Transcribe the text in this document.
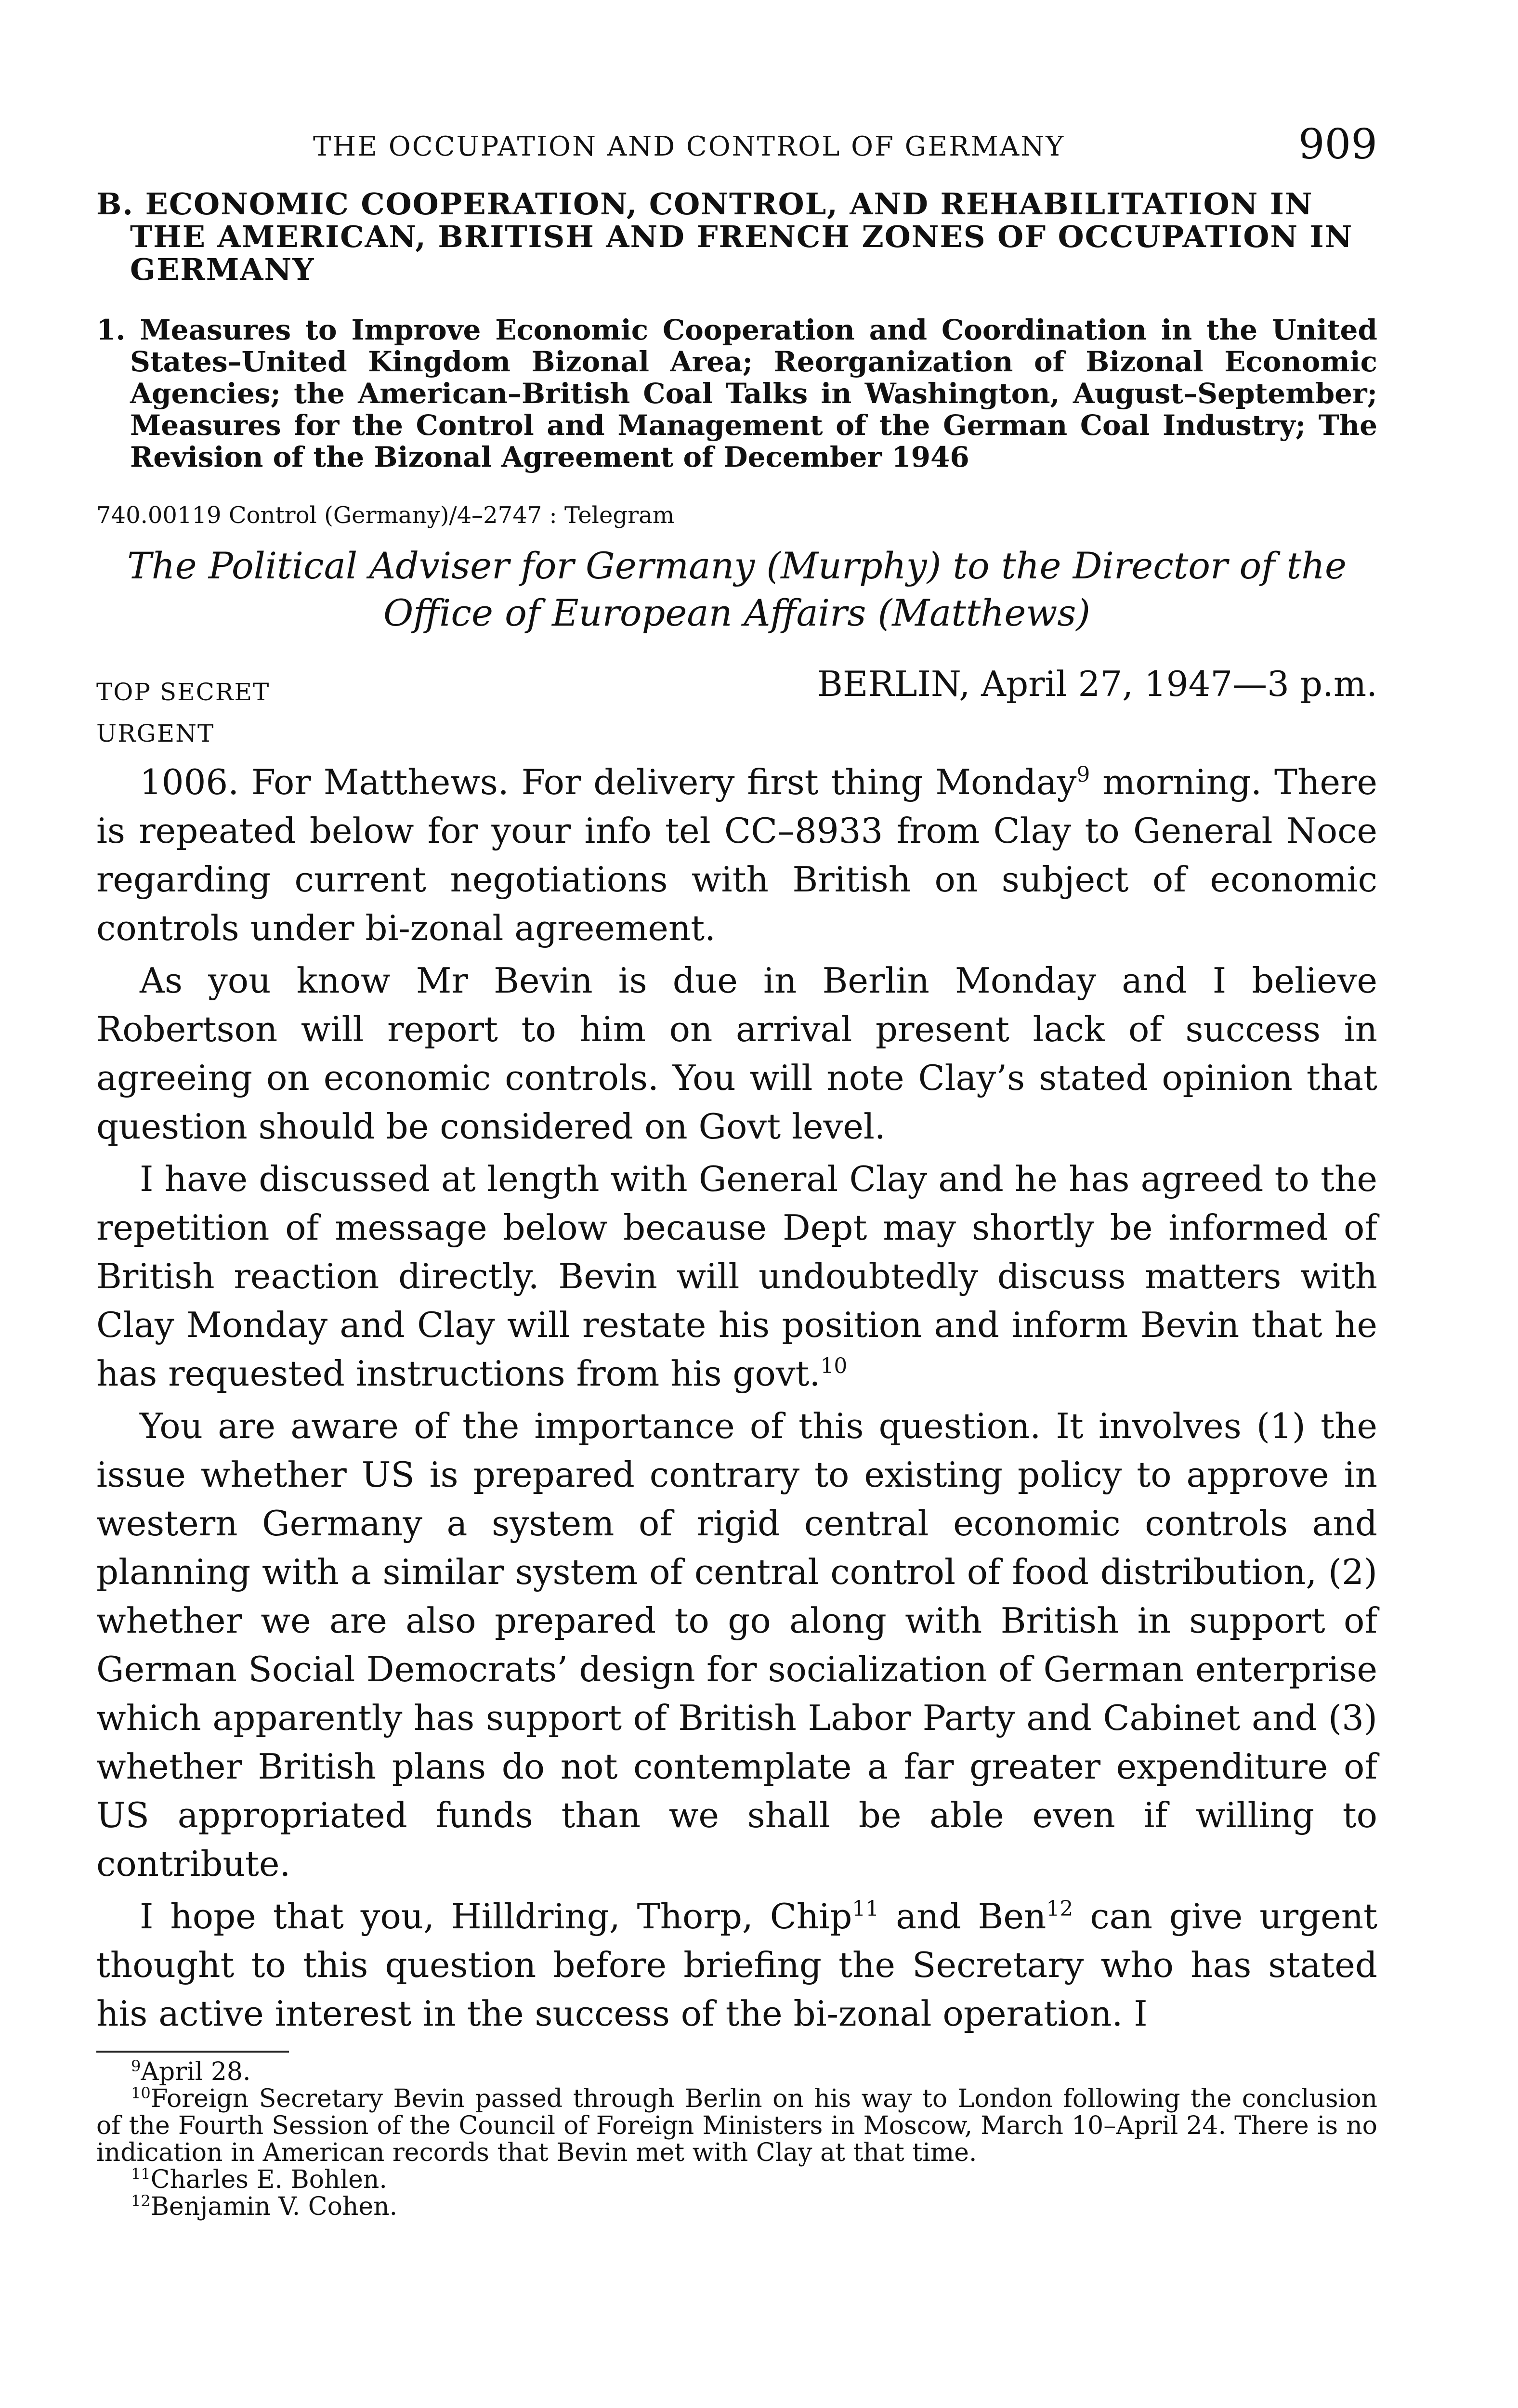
THE OCCUPATION AND CONTROL OF GERMANY	909
B. ECONOMIC COOPERATION, CONTROL, AND REHABILITATION IN THE AMERICAN, BRITISH AND FRENCH ZONES OF OCCUPATION IN GERMANY
1. Measures to Improve Economic Cooperation and Coordination in the United States–United Kingdom Bizonal Area; Reorganization of Bizonal Economic Agencies; the American–British Coal Talks in Washington, August–September; Measures for the Control and Management of the German Coal Industry; The Revision of the Bizonal Agreement of December 1946
740.00119 Control (Germany)/4–2747 : Telegram
The Political Adviser for Germany (Murphy) to the Director of the
Office of European Affairs (Matthews)
TOP SECRET	BERLIN, April 27, 1947—3 p.m.
URGENT

1006. For Matthews. For delivery first thing Monday$^9$ morning. There is repeated below for your info tel CC–8933 from Clay to General Noce regarding current negotiations with British on subject of economic controls under bi-zonal agreement.

As you know Mr Bevin is due in Berlin Monday and I believe Robertson will report to him on arrival present lack of success in agreeing on economic controls. You will note Clay’s stated opinion that question should be considered on Govt level.

I have discussed at length with General Clay and he has agreed to the repetition of message below because Dept may shortly be informed of British reaction directly. Bevin will undoubtedly discuss matters with Clay Monday and Clay will restate his position and inform Bevin that he has requested instructions from his govt.$^{10}$

You are aware of the importance of this question. It involves (1) the issue whether US is prepared contrary to existing policy to approve in western Germany a system of rigid central economic controls and planning with a similar system of central control of food distribution, (2) whether we are also prepared to go along with British in support of German Social Democrats’ design for socialization of German enterprise which apparently has support of British Labor Party and Cabinet and (3) whether British plans do not contemplate a far greater expenditure of US appropriated funds than we shall be able even if willing to contribute.

I hope that you, Hilldring, Thorp, Chip$^{11}$ and Ben$^{12}$ can give urgent thought to this question before briefing the Secretary who has stated his active interest in the success of the bi-zonal operation. I

$^9$April 28.
$^{10}$Foreign Secretary Bevin passed through Berlin on his way to London following the conclusion of the Fourth Session of the Council of Foreign Ministers in Moscow, March 10–April 24. There is no indication in American records that Bevin met with Clay at that time.
$^{11}$Charles E. Bohlen.
$^{12}$Benjamin V. Cohen.
